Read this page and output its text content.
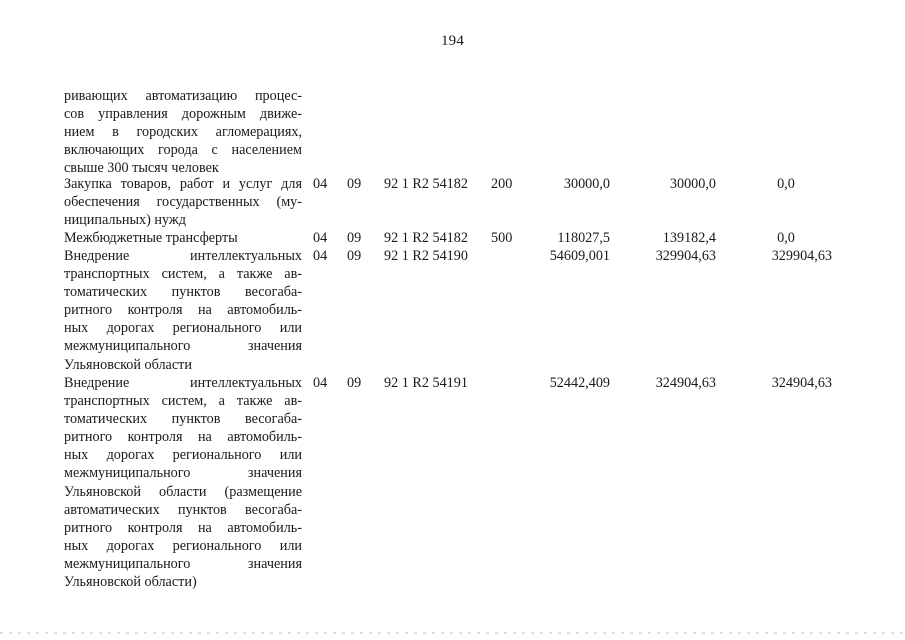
194
ривающих автоматизацию процес-
сов управления дорожным движе-
нием в городских агломерациях,
включающих города с населением
свыше 300 тысяч человек
Закупка товаров, работ и услуг для
обеспечения государственных (му-
ниципальных) нужд
04 09 92 1 R2 54182 200	30000,0	30000,0	0,0
Межбюджетные трансферты	04 09 92 1 R2 54182 500	118027,5	139182,4	0,0
Внедрение интеллектуальных
транспортных систем, а также ав-
томатических пунктов весогаба-
ритного контроля на автомобиль-
ных дорогах регионального или
межмуниципального значения
Ульяновской области
04 09 92 1 R2 54190	54609,001	329904,63	329904,63
Внедрение интеллектуальных
транспортных систем, а также ав-
томатических пунктов весогаба-
ритного контроля на автомобиль-
ных дорогах регионального или
межмуниципального значения
Ульяновской области (размещение
автоматических пунктов весогаба-
ритного контроля на автомобиль-
ных дорогах регионального или
межмуниципального значения
Ульяновской области)
04 09 92 1 R2 54191	52442,409	324904,63	324904,63
